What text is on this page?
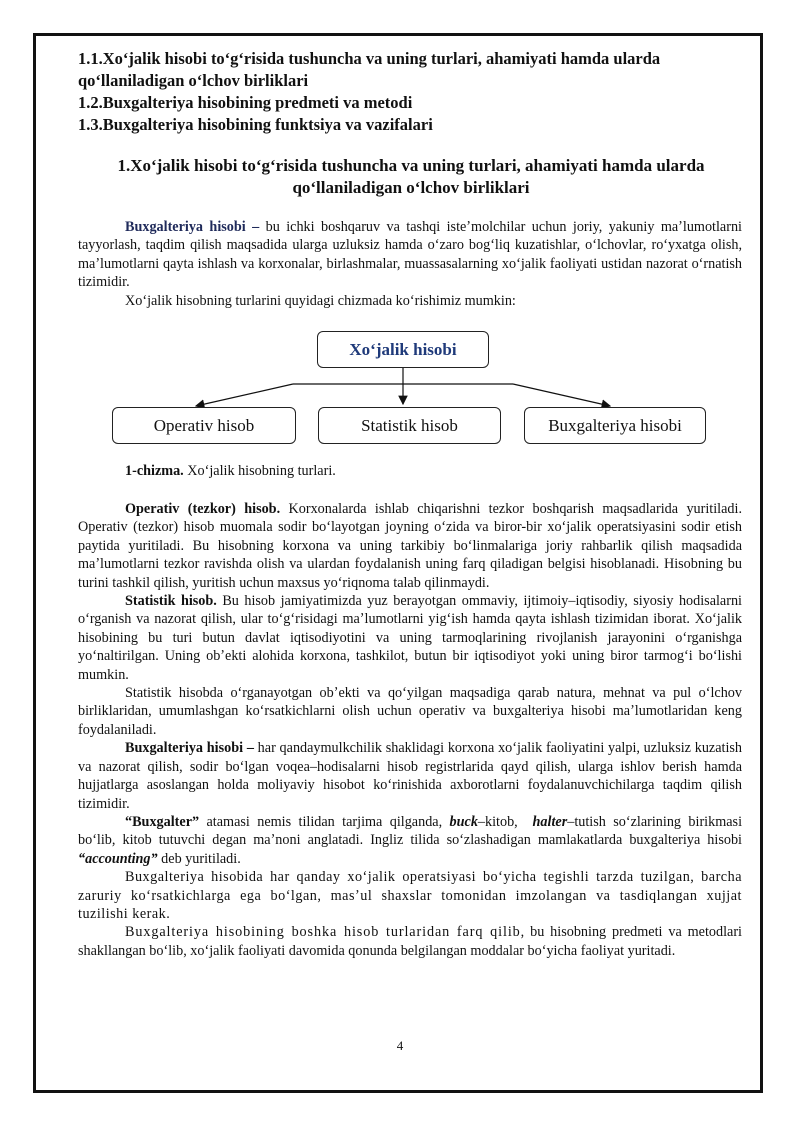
1.1.Xoʻjalik hisobi toʻgʻrisida tushuncha va uning turlari, ahamiyati hamda ularda qoʻllaniladigan oʻlchov birliklari
1.2.Buxgalteriya hisobining predmeti va metodi
1.3.Buxgalteriya hisobining funktsiya va vazifalari
1.Xoʻjalik hisobi toʻgʻrisida tushuncha va uning turlari, ahamiyati hamda ularda qoʻllaniladigan oʻlchov birliklari

Buxgalteriya hisobi – bu ichki boshqaruv va tashqi isteʼmolchilar uchun joriy, yakuniy maʼlumotlarni tayyorlash, taqdim qilish maqsadida ularga uzluksiz hamda oʻzaro bogʻliq kuzatishlar, oʻlchovlar, roʻyxatga olish, maʼlumotlarni qayta ishlash va korxonalar, birlashmalar, muassasalarning xoʻjalik faoliyati ustidan nazorat oʻrnatish tizimidir.

Xoʻjalik hisobning turlarini quyidagi chizmada koʻrishimiz mumkin:

Xoʻjalik hisobi
Operativ hisob	Statistik hisob	Buxgalteriya hisobi
1-chizma. Xoʻjalik hisobning turlari.

Operativ (tezkor) hisob. Korxonalarda ishlab chiqarishni tezkor boshqarish maqsadlarida yuritiladi. Operativ (tezkor) hisob muomala sodir boʻlayotgan joyning oʻzida va biror-bir xoʻjalik operatsiyasini sodir etish paytida yuritiladi. Bu hisobning korxona va uning tarkibiy boʻlinmalariga joriy rahbarlik qilish maqsadida maʼlumotlarni tezkor ravishda olish va ulardan foydalanish uning farq qiladigan belgisi hisoblanadi. Hisobning bu turini tashkil qilish, yuritish uchun maxsus yoʻriqnoma talab qilinmaydi.

Statistik hisob. Bu hisob jamiyatimizda yuz berayotgan ommaviy, ijtimoiy–iqtisodiy, siyosiy hodisalarni oʻrganish va nazorat qilish, ular toʻgʻrisidagi maʼlumotlarni yigʻish hamda qayta ishlash tizimidan iborat. Xoʻjalik hisobining bu turi butun davlat iqtisodiyotini va uning tarmoqlarining rivojlanish jarayonini oʻrganishga yoʻnaltirilgan. Uning obʼekti alohida korxona, tashkilot, butun bir iqtisodiyot yoki uning biror tarmogʻi boʻlishi mumkin.

Statistik hisobda oʻrganayotgan obʼekti va qoʻyilgan maqsadiga qarab natura, mehnat va pul oʻlchov birliklaridan, umumlashgan koʻrsatkichlarni olish uchun operativ va buxgalteriya hisobi maʼlumotlaridan keng foydalaniladi.

Buxgalteriya hisobi – har qandaymulkchilik shaklidagi korxona xoʻjalik faoliyatini yalpi, uzluksiz kuzatish va nazorat qilish, sodir boʻlgan voqea–hodisalarni hisob registrlarida qayd qilish, ularga ishlov berish hamda hujjatlarga asoslangan holda moliyaviy hisobot koʻrinishida axborotlarni foydalanuvchichilarga taqdim qilish tizimidir.

“Buxgalter” atamasi nemis tilidan tarjima qilganda, buck–kitob,  halter–tutish soʻzlarining birikmasi boʻlib, kitob tutuvchi degan maʼnoni anglatadi. Ingliz tilida soʻzlashadigan mamlakatlarda buxgalteriya hisobi “accounting” deb yuritiladi.

Buxgalteriya hisobida har qanday xoʻjalik operatsiyasi boʻyicha tegishli tarzda tuzilgan, barcha zaruriy koʻrsatkichlarga ega boʻlgan, masʼul shaxslar tomonidan imzolangan va tasdiqlangan xujjat tuzilishi kerak.

Buxgalteriya hisobining boshka hisob turlaridan farq qilib, bu hisobning predmeti va metodlari shakllangan boʻlib, xoʻjalik faoliyati davomida qonunda belgilangan moddalar boʻyicha faoliyat yuritadi.

4
